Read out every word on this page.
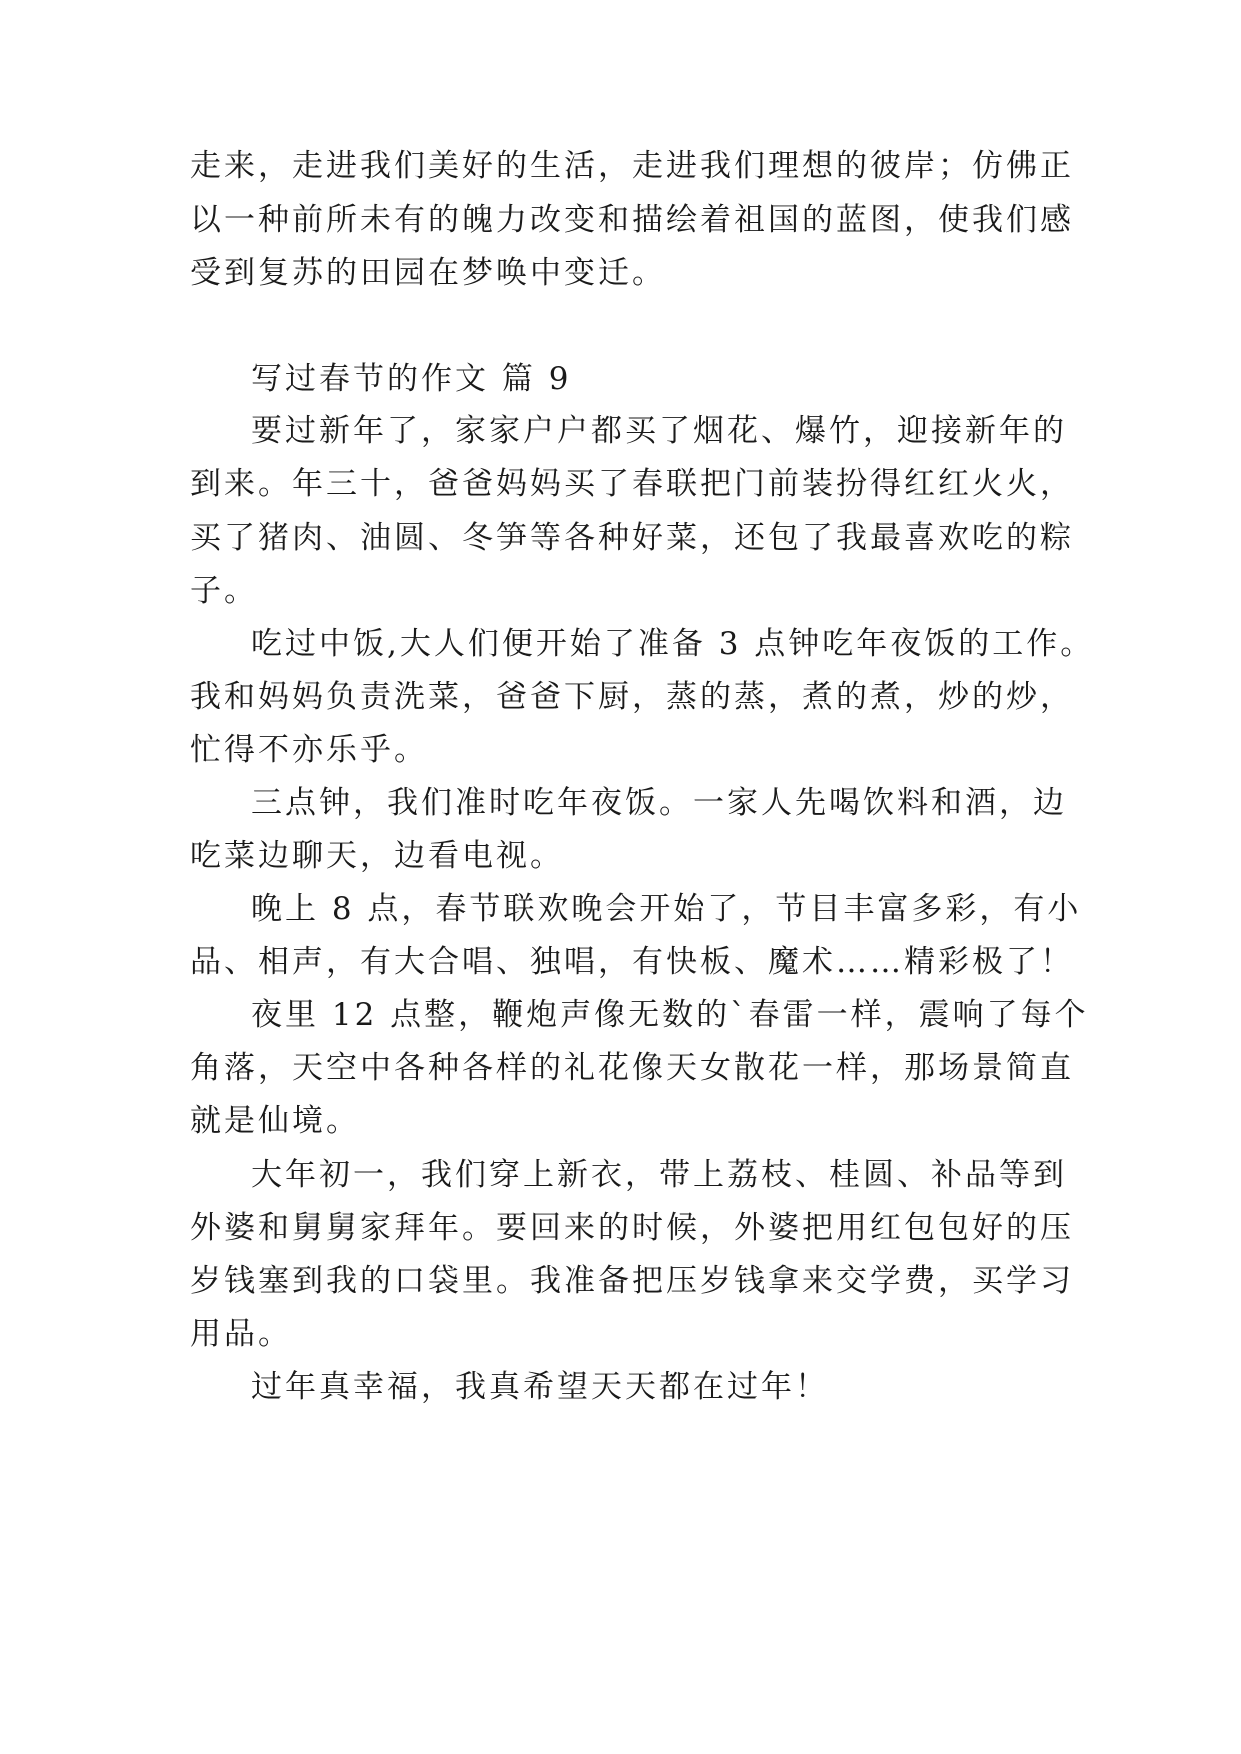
走来，走进我们美好的生活，走进我们理想的彼岸；仿佛正
以一种前所未有的魄力改变和描绘着祖国的蓝图，使我们感
受到复苏的田园在梦唤中变迁。
写过春节的作文 篇 9
要过新年了，家家户户都买了烟花、爆竹，迎接新年的
到来。年三十，爸爸妈妈买了春联把门前装扮得红红火火，
买了猪肉、油圆、冬笋等各种好菜，还包了我最喜欢吃的粽
子。
吃过中饭,大人们便开始了准备 3 点钟吃年夜饭的工作。
我和妈妈负责洗菜，爸爸下厨，蒸的蒸，煮的煮，炒的炒，
忙得不亦乐乎。
三点钟，我们准时吃年夜饭。一家人先喝饮料和酒，边
吃菜边聊天，边看电视。
晚上 8 点，春节联欢晚会开始了，节目丰富多彩，有小
品、相声，有大合唱、独唱，有快板、魔术……精彩极了！
夜里 12 点整，鞭炮声像无数的`春雷一样，震响了每个
角落，天空中各种各样的礼花像天女散花一样，那场景简直
就是仙境。
大年初一，我们穿上新衣，带上荔枝、桂圆、补品等到
外婆和舅舅家拜年。要回来的时候，外婆把用红包包好的压
岁钱塞到我的口袋里。我准备把压岁钱拿来交学费，买学习
用品。
过年真幸福，我真希望天天都在过年！
